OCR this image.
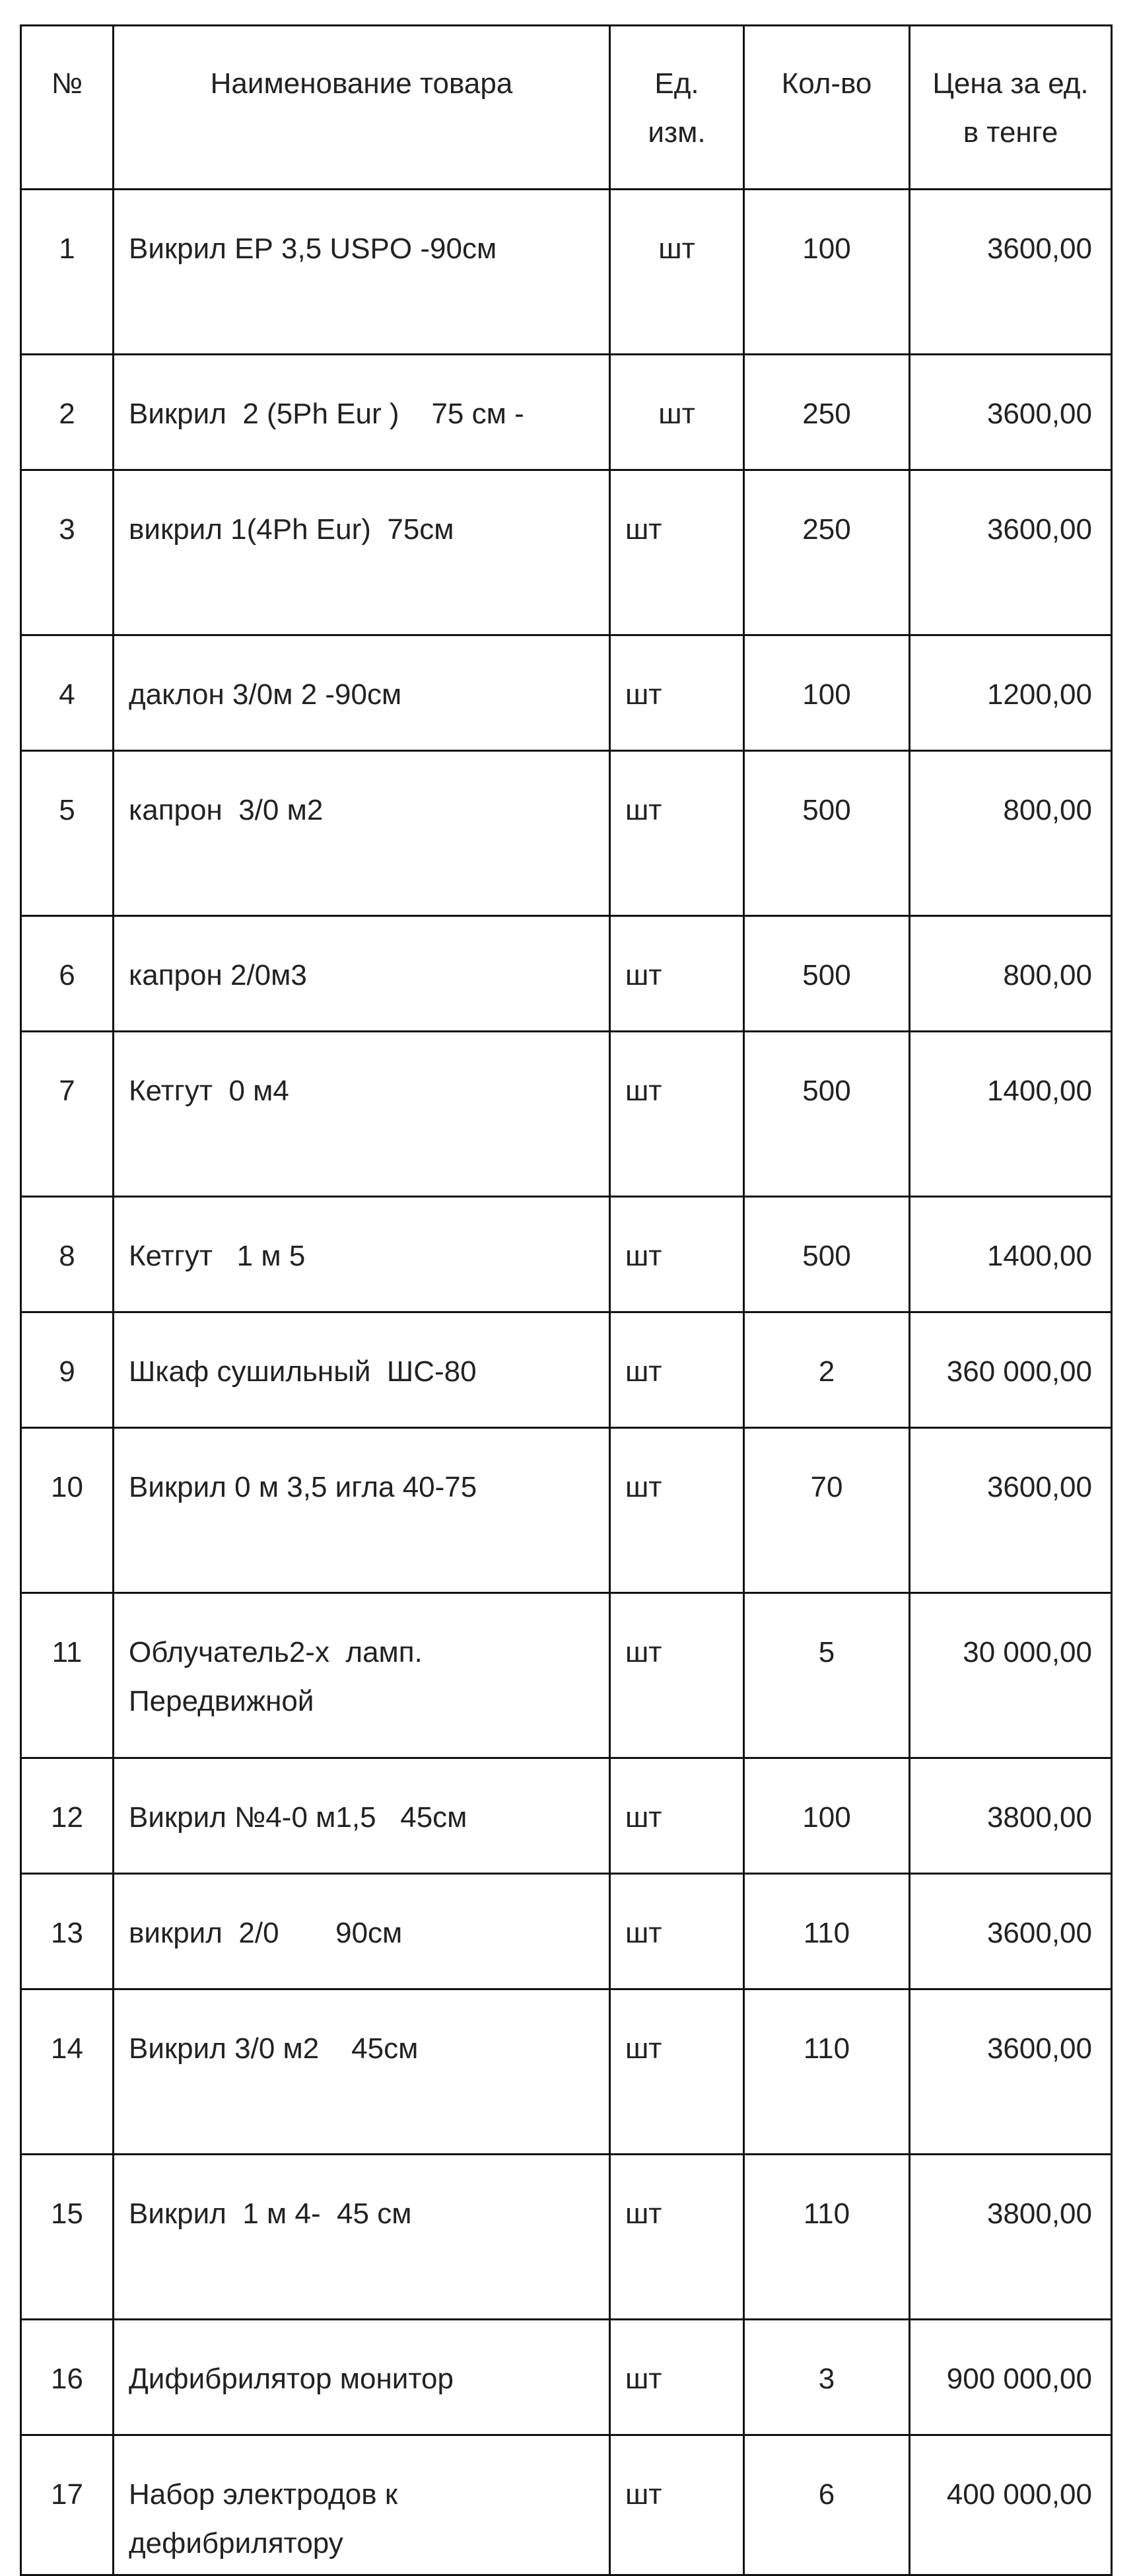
№	Наименование товара	Ед. изм.	Кол-во	Цена за ед. в тенге

1	Викрил ЕР 3,5 USPO -90см	шт	100	3600,00
2	Викрил  2 (5Ph Eur )    75 см -	шт	250	3600,00
3	викрил 1(4Ph Eur)  75см	шт	250	3600,00
4	даклон 3/0м 2 -90см	шт	100	1200,00
5	капрон  3/0 м2	шт	500	800,00
6	капрон 2/0м3	шт	500	800,00
7	Кетгут  0 м4	шт	500	1400,00
8	Кетгут   1 м 5	шт	500	1400,00
9	Шкаф сушильный  ШС-80	шт	2	360 000,00
10	Викрил 0 м 3,5 игла 40-75	шт	70	3600,00
11	Облучатель2-х  ламп. Передвижной	шт	5	30 000,00
12	Викрил №4-0 м1,5   45см	шт	100	3800,00
13	викрил  2/0       90см	шт	110	3600,00
14	Викрил 3/0 м2    45см	шт	110	3600,00
15	Викрил  1 м 4-  45 см	шт	110	3800,00
16	Дифибрилятор монитор	шт	3	900 000,00
17	Набор электродов к дефибрилятору	шт	6	400 000,00
